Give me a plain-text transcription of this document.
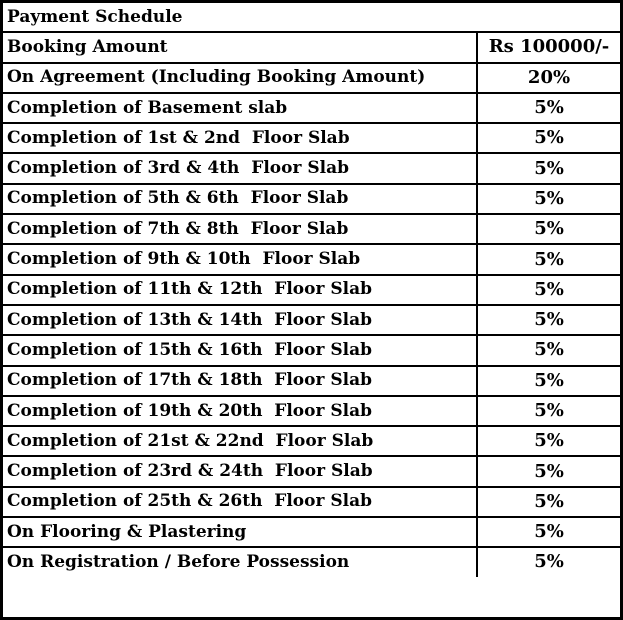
Payment Schedule	
Booking Amount	Rs 100000/-
On Agreement (Including Booking Amount)	20%
Completion of Basement slab	5%
Completion of 1st & 2nd  Floor Slab	5%
Completion of 3rd & 4th  Floor Slab	5%
Completion of 5th & 6th  Floor Slab	5%
Completion of 7th & 8th  Floor Slab	5%
Completion of 9th & 10th  Floor Slab	5%
Completion of 11th & 12th  Floor Slab	5%
Completion of 13th & 14th  Floor Slab	5%
Completion of 15th & 16th  Floor Slab	5%
Completion of 17th & 18th  Floor Slab	5%
Completion of 19th & 20th  Floor Slab	5%
Completion of 21st & 22nd  Floor Slab	5%
Completion of 23rd & 24th  Floor Slab	5%
Completion of 25th & 26th  Floor Slab	5%
On Flooring & Plastering	5%
On Registration / Before Possession	5%
